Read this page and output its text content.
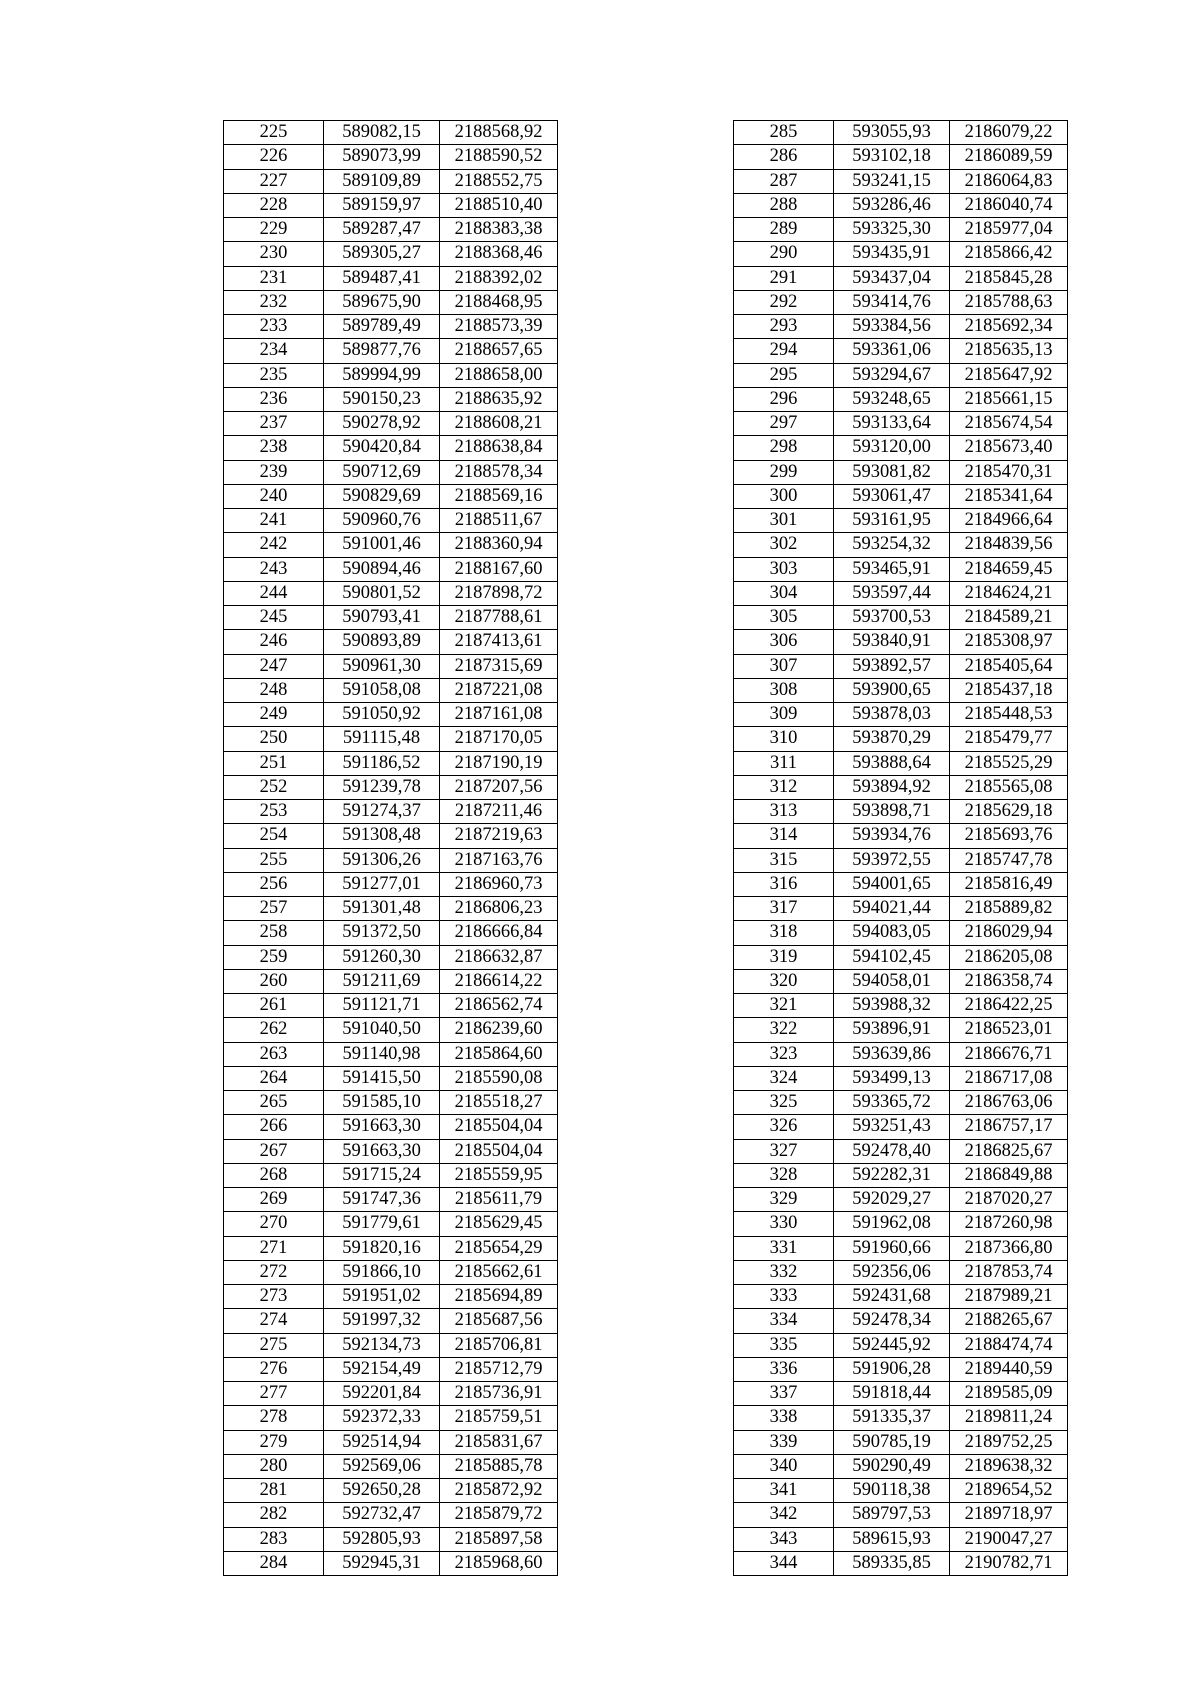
225	589082,15	2188568,92
226	589073,99	2188590,52
227	589109,89	2188552,75
228	589159,97	2188510,40
229	589287,47	2188383,38
230	589305,27	2188368,46
231	589487,41	2188392,02
232	589675,90	2188468,95
233	589789,49	2188573,39
234	589877,76	2188657,65
235	589994,99	2188658,00
236	590150,23	2188635,92
237	590278,92	2188608,21
238	590420,84	2188638,84
239	590712,69	2188578,34
240	590829,69	2188569,16
241	590960,76	2188511,67
242	591001,46	2188360,94
243	590894,46	2188167,60
244	590801,52	2187898,72
245	590793,41	2187788,61
246	590893,89	2187413,61
247	590961,30	2187315,69
248	591058,08	2187221,08
249	591050,92	2187161,08
250	591115,48	2187170,05
251	591186,52	2187190,19
252	591239,78	2187207,56
253	591274,37	2187211,46
254	591308,48	2187219,63
255	591306,26	2187163,76
256	591277,01	2186960,73
257	591301,48	2186806,23
258	591372,50	2186666,84
259	591260,30	2186632,87
260	591211,69	2186614,22
261	591121,71	2186562,74
262	591040,50	2186239,60
263	591140,98	2185864,60
264	591415,50	2185590,08
265	591585,10	2185518,27
266	591663,30	2185504,04
267	591663,30	2185504,04
268	591715,24	2185559,95
269	591747,36	2185611,79
270	591779,61	2185629,45
271	591820,16	2185654,29
272	591866,10	2185662,61
273	591951,02	2185694,89
274	591997,32	2185687,56
275	592134,73	2185706,81
276	592154,49	2185712,79
277	592201,84	2185736,91
278	592372,33	2185759,51
279	592514,94	2185831,67
280	592569,06	2185885,78
281	592650,28	2185872,92
282	592732,47	2185879,72
283	592805,93	2185897,58
284	592945,31	2185968,60
285	593055,93	2186079,22
286	593102,18	2186089,59
287	593241,15	2186064,83
288	593286,46	2186040,74
289	593325,30	2185977,04
290	593435,91	2185866,42
291	593437,04	2185845,28
292	593414,76	2185788,63
293	593384,56	2185692,34
294	593361,06	2185635,13
295	593294,67	2185647,92
296	593248,65	2185661,15
297	593133,64	2185674,54
298	593120,00	2185673,40
299	593081,82	2185470,31
300	593061,47	2185341,64
301	593161,95	2184966,64
302	593254,32	2184839,56
303	593465,91	2184659,45
304	593597,44	2184624,21
305	593700,53	2184589,21
306	593840,91	2185308,97
307	593892,57	2185405,64
308	593900,65	2185437,18
309	593878,03	2185448,53
310	593870,29	2185479,77
311	593888,64	2185525,29
312	593894,92	2185565,08
313	593898,71	2185629,18
314	593934,76	2185693,76
315	593972,55	2185747,78
316	594001,65	2185816,49
317	594021,44	2185889,82
318	594083,05	2186029,94
319	594102,45	2186205,08
320	594058,01	2186358,74
321	593988,32	2186422,25
322	593896,91	2186523,01
323	593639,86	2186676,71
324	593499,13	2186717,08
325	593365,72	2186763,06
326	593251,43	2186757,17
327	592478,40	2186825,67
328	592282,31	2186849,88
329	592029,27	2187020,27
330	591962,08	2187260,98
331	591960,66	2187366,80
332	592356,06	2187853,74
333	592431,68	2187989,21
334	592478,34	2188265,67
335	592445,92	2188474,74
336	591906,28	2189440,59
337	591818,44	2189585,09
338	591335,37	2189811,24
339	590785,19	2189752,25
340	590290,49	2189638,32
341	590118,38	2189654,52
342	589797,53	2189718,97
343	589615,93	2190047,27
344	589335,85	2190782,71
